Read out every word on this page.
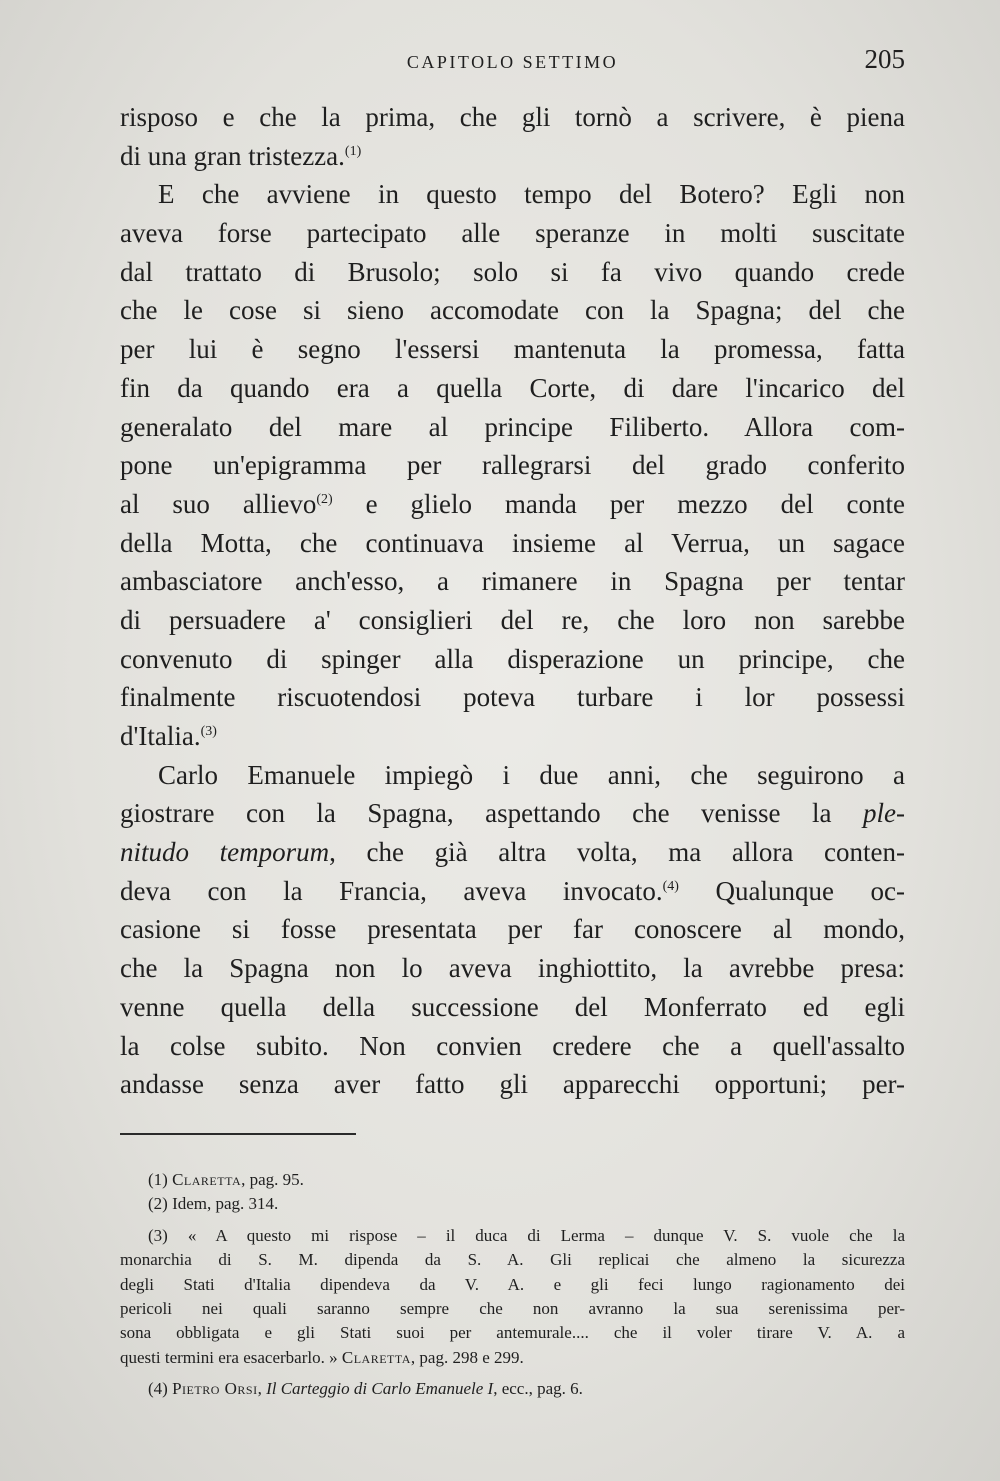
CAPITOLO SETTIMO	205
risposo e che la prima, che gli tornò a scrivere, è piena
di una gran tristezza.$^{(1)}$
E che avviene in questo tempo del Botero? Egli non
aveva forse partecipato alle speranze in molti suscitate
dal trattato di Brusolo; solo si fa vivo quando crede
che le cose si sieno accomodate con la Spagna; del che
per lui è segno l'essersi mantenuta la promessa, fatta
fin da quando era a quella Corte, di dare l'incarico del
generalato del mare al principe Filiberto. Allora com-
pone un'epigramma per rallegrarsi del grado conferito
al suo allievo$^{(2)}$ e glielo manda per mezzo del conte
della Motta, che continuava insieme al Verrua, un sagace
ambasciatore anch'esso, a rimanere in Spagna per tentar
di persuadere a' consiglieri del re, che loro non sarebbe
convenuto di spinger alla disperazione un principe, che
finalmente riscuotendosi poteva turbare i lor possessi
d'Italia.$^{(3)}$
Carlo Emanuele impiegò i due anni, che seguirono a
giostrare con la Spagna, aspettando che venisse la ple-
nitudo temporum, che già altra volta, ma allora conten-
deva con la Francia, aveva invocato.$^{(4)}$ Qualunque oc-
casione si fosse presentata per far conoscere al mondo,
che la Spagna non lo aveva inghiottito, la avrebbe presa:
venne quella della successione del Monferrato ed egli
la colse subito. Non convien credere che a quell'assalto
andasse senza aver fatto gli apparecchi opportuni; per-
(1) Claretta, pag. 95.
(2) Idem, pag. 314.
(3) « A questo mi rispose – il duca di Lerma – dunque V. S. vuole che la
monarchia di S. M. dipenda da S. A. Gli replicai che almeno la sicurezza
degli Stati d'Italia dipendeva da V. A. e gli feci lungo ragionamento dei
pericoli nei quali saranno sempre che non avranno la sua serenissima per-
sona obbligata e gli Stati suoi per antemurale.... che il voler tirare V. A. a
questi termini era esacerbarlo. » Claretta, pag. 298 e 299.
(4) Pietro Orsi, Il Carteggio di Carlo Emanuele I, ecc., pag. 6.
